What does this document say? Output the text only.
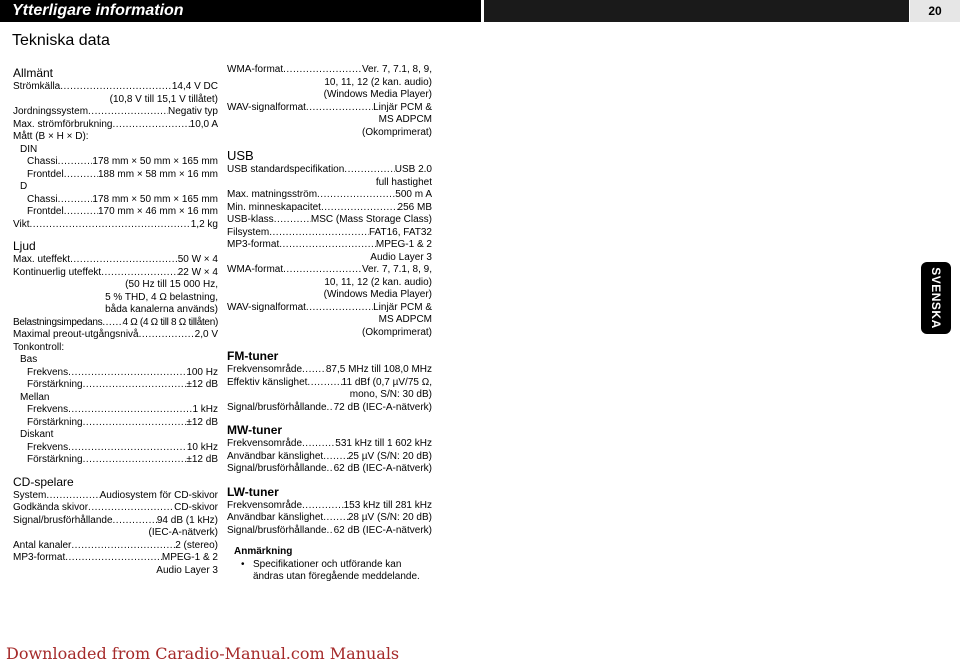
Ytterligare information	20
Tekniska data
Allmänt
Strömkälla .....	14,4 V DC
(10,8 V till 15,1 V tillåtet)
Jordningssystem .....	Negativ typ
Max. strömförbrukning .....	10,0 A
Mått (B × H × D):
DIN
Chassi .....	178 mm × 50 mm × 165 mm
Frontdel .....	188 mm × 58 mm × 16 mm
D
Chassi .....	178 mm × 50 mm × 165 mm
Frontdel .....	170 mm × 46 mm × 16 mm
Vikt .....	1,2 kg
Ljud
Max. uteffekt .....	50 W × 4
Kontinuerlig uteffekt .....	22 W × 4
(50 Hz till 15 000 Hz,
5 % THD, 4 Ω belastning,
båda kanalerna används)
Belastningsimpedans ..... 4 Ω (4 Ω till 8 Ω tillåten)
Maximal preout-utgångsnivå .....	2,0 V
Tonkontroll:
Bas
Frekvens .....	100 Hz
Förstärkning .....	±12 dB
Mellan
Frekvens .....	1 kHz
Förstärkning .....	±12 dB
Diskant
Frekvens .....	10 kHz
Förstärkning .....	±12 dB
CD-spelare
System .....	Audiosystem för CD-skivor
Godkända skivor .....	CD-skivor
Signal/brusförhållande .....	94 dB (1 kHz)
(IEC-A-nätverk)
Antal kanaler .....	2 (stereo)
MP3-format .....	MPEG-1 & 2
Audio Layer 3
WMA-format .....	Ver. 7, 7.1, 8, 9,
10, 11, 12 (2 kan. audio)
(Windows Media Player)
WAV-signalformat .....	Linjär PCM &
MS ADPCM
(Okomprimerat)
USB
USB standardspecifikation .....	USB 2.0
full hastighet
Max. matningsström .....	500 m A
Min. minneskapacitet .....	256 MB
USB-klass .....	MSC (Mass Storage Class)
Filsystem .....	FAT16, FAT32
MP3-format .....	MPEG-1 & 2
Audio Layer 3
WMA-format .....	Ver. 7, 7.1, 8, 9,
10, 11, 12 (2 kan. audio)
(Windows Media Player)
WAV-signalformat .....	Linjär PCM &
MS ADPCM
(Okomprimerat)
FM-tuner
Frekvensområde ..... 87,5 MHz till 108,0 MHz
Effektiv känslighet .....	11 dBf (0,7 µV/75 Ω,
mono, S/N: 30 dB)
Signal/brusförhållande ..... 72 dB (IEC-A-nätverk)
MW-tuner
Frekvensområde .....	531 kHz till 1 602 kHz
Användbar känslighet ..... 25 µV (S/N: 20 dB)
Signal/brusförhållande ..... 62 dB (IEC-A-nätverk)
LW-tuner
Frekvensområde .....	153 kHz till 281 kHz
Användbar känslighet ..... 28 µV (S/N: 20 dB)
Signal/brusförhållande ..... 62 dB (IEC-A-nätverk)
Anmärkning
• Specifikationer och utförande kan
ändras utan föregående meddelande.
SVENSKA
Downloaded from Caradio-Manual.com Manuals
